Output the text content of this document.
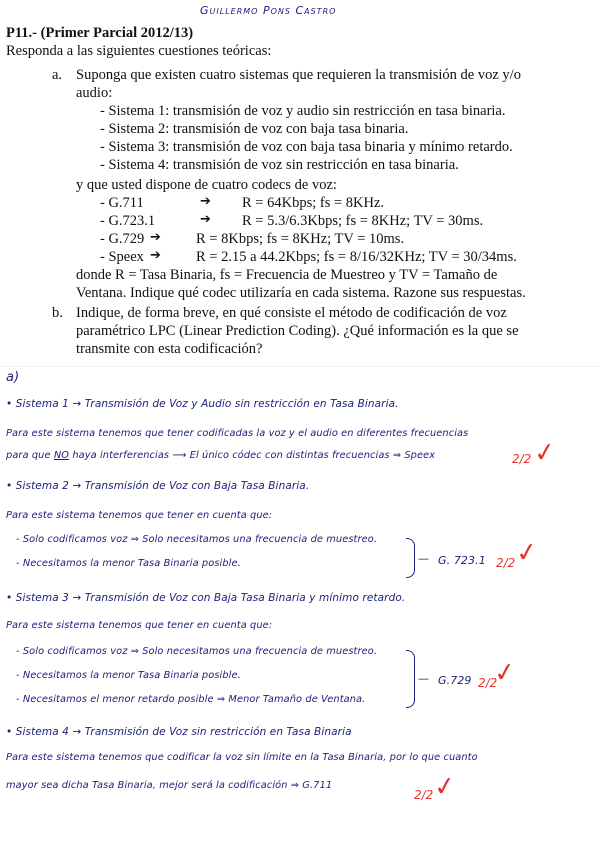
Guillermo Pons Castro
P11.- (Primer Parcial 2012/13)
Responda a las siguientes cuestiones teóricas:
a. Suponga que existen cuatro sistemas que requieren la transmisión de voz y/o
audio:
- Sistema 1: transmisión de voz y audio sin restricción en tasa binaria.
- Sistema 2: transmisión de voz con baja tasa binaria.
- Sistema 3: transmisión de voz con baja tasa binaria y mínimo retardo.
- Sistema 4: transmisión de voz sin restricción en tasa binaria.
y que usted dispone de cuatro codecs de voz:
- G.711	➔ R = 64Kbps; fs = 8KHz.
- G.723.1	➔ R = 5.3/6.3Kbps; fs = 8KHz; TV = 30ms.
- G.729 ➔ R = 8Kbps; fs = 8KHz; TV = 10ms.
- Speex ➔ R = 2.15 a 44.2Kbps; fs = 8/16/32KHz; TV = 30/34ms.
donde R = Tasa Binaria, fs = Frecuencia de Muestreo y TV = Tamaño de
Ventana. Indique qué codec utilizaría en cada sistema. Razone sus respuestas.
b. Indique, de forma breve, en qué consiste el método de codificación de voz
paramétrico LPC (Linear Prediction Coding). ¿Qué información es la que se
transmite con esta codificación?
a)
• Sistema 1 → Transmisión de Voz y Audio sin restricción en Tasa Binaria.
Para este sistema tenemos que tener codificadas la voz y el audio en diferentes frecuencias
para que NO haya interferencias ⟶ El único códec con distintas frecuencias ⇒ Speex	2/2 ✓
• Sistema 2 → Transmisión de Voz con Baja Tasa Binaria.
Para este sistema tenemos que tener en cuenta que:
- Solo codificamos voz ⇒ Solo necesitamos una frecuencia de muestreo.
- Necesitamos la menor Tasa Binaria posible.	— G. 723.1 2/2
✓
• Sistema 3 → Transmisión de Voz con Baja Tasa Binaria y mínimo retardo.
Para este sistema tenemos que tener en cuenta que:
- Solo codificamos voz ⇒ Solo necesitamos una frecuencia de muestreo.
- Necesitamos la menor Tasa Binaria posible.
- Necesitamos el menor retardo posible ⇒ Menor Tamaño de Ventana.
— G.729 2/2
✓
• Sistema 4 → Transmisión de Voz sin restricción en Tasa Binaria
Para este sistema tenemos que codificar la voz sin límite en la Tasa Binaria, por lo que cuanto
mayor sea dicha Tasa Binaria, mejor será la codificación ⇒ G.711
2/2
✓
